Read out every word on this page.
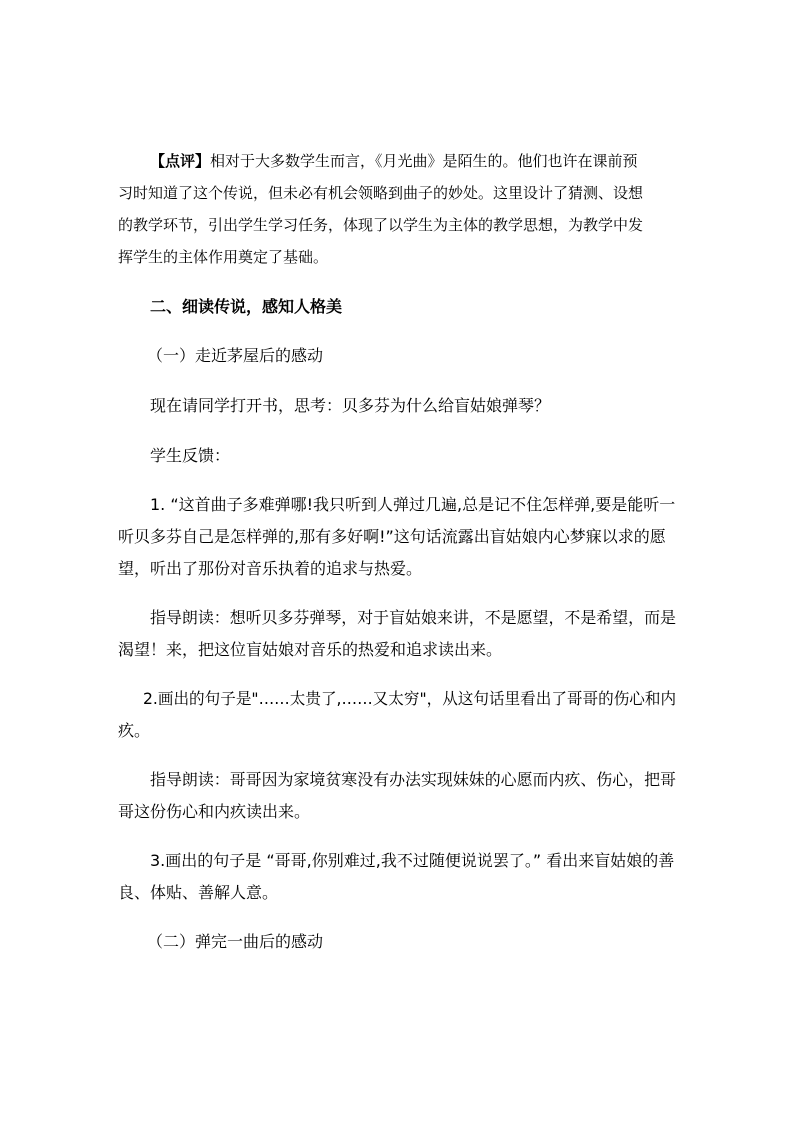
【点评】相对于大多数学生而言，《月光曲》是陌生的。他们也许在课前预
习时知道了这个传说，但未必有机会领略到曲子的妙处。这里设计了猜测、设想
的教学环节，引出学生学习任务，体现了以学生为主体的教学思想，为教学中发
挥学生的主体作用奠定了基础。
二、细读传说，感知人格美
（一）走近茅屋后的感动
现在请同学打开书，思考：贝多芬为什么给盲姑娘弹琴？
学生反馈：
1. “这首曲子多难弹哪!我只听到人弹过几遍,总是记不住怎样弹,要是能听一
听贝多芬自己是怎样弹的,那有多好啊!”这句话流露出盲姑娘内心梦寐以求的愿
望，听出了那份对音乐执着的追求与热爱。
指导朗读：想听贝多芬弹琴，对于盲姑娘来讲，不是愿望，不是希望，而是
渴望！来，把这位盲姑娘对音乐的热爱和追求读出来。
2.画出的句子是"……太贵了,……又太穷"，从这句话里看出了哥哥的伤心和内
疚。
指导朗读：哥哥因为家境贫寒没有办法实现妹妹的心愿而内疚、伤心，把哥
哥这份伤心和内疚读出来。
3.画出的句子是 “哥哥,你别难过,我不过随便说说罢了。” 看出来盲姑娘的善
良、体贴、善解人意。
（二）弹完一曲后的感动
